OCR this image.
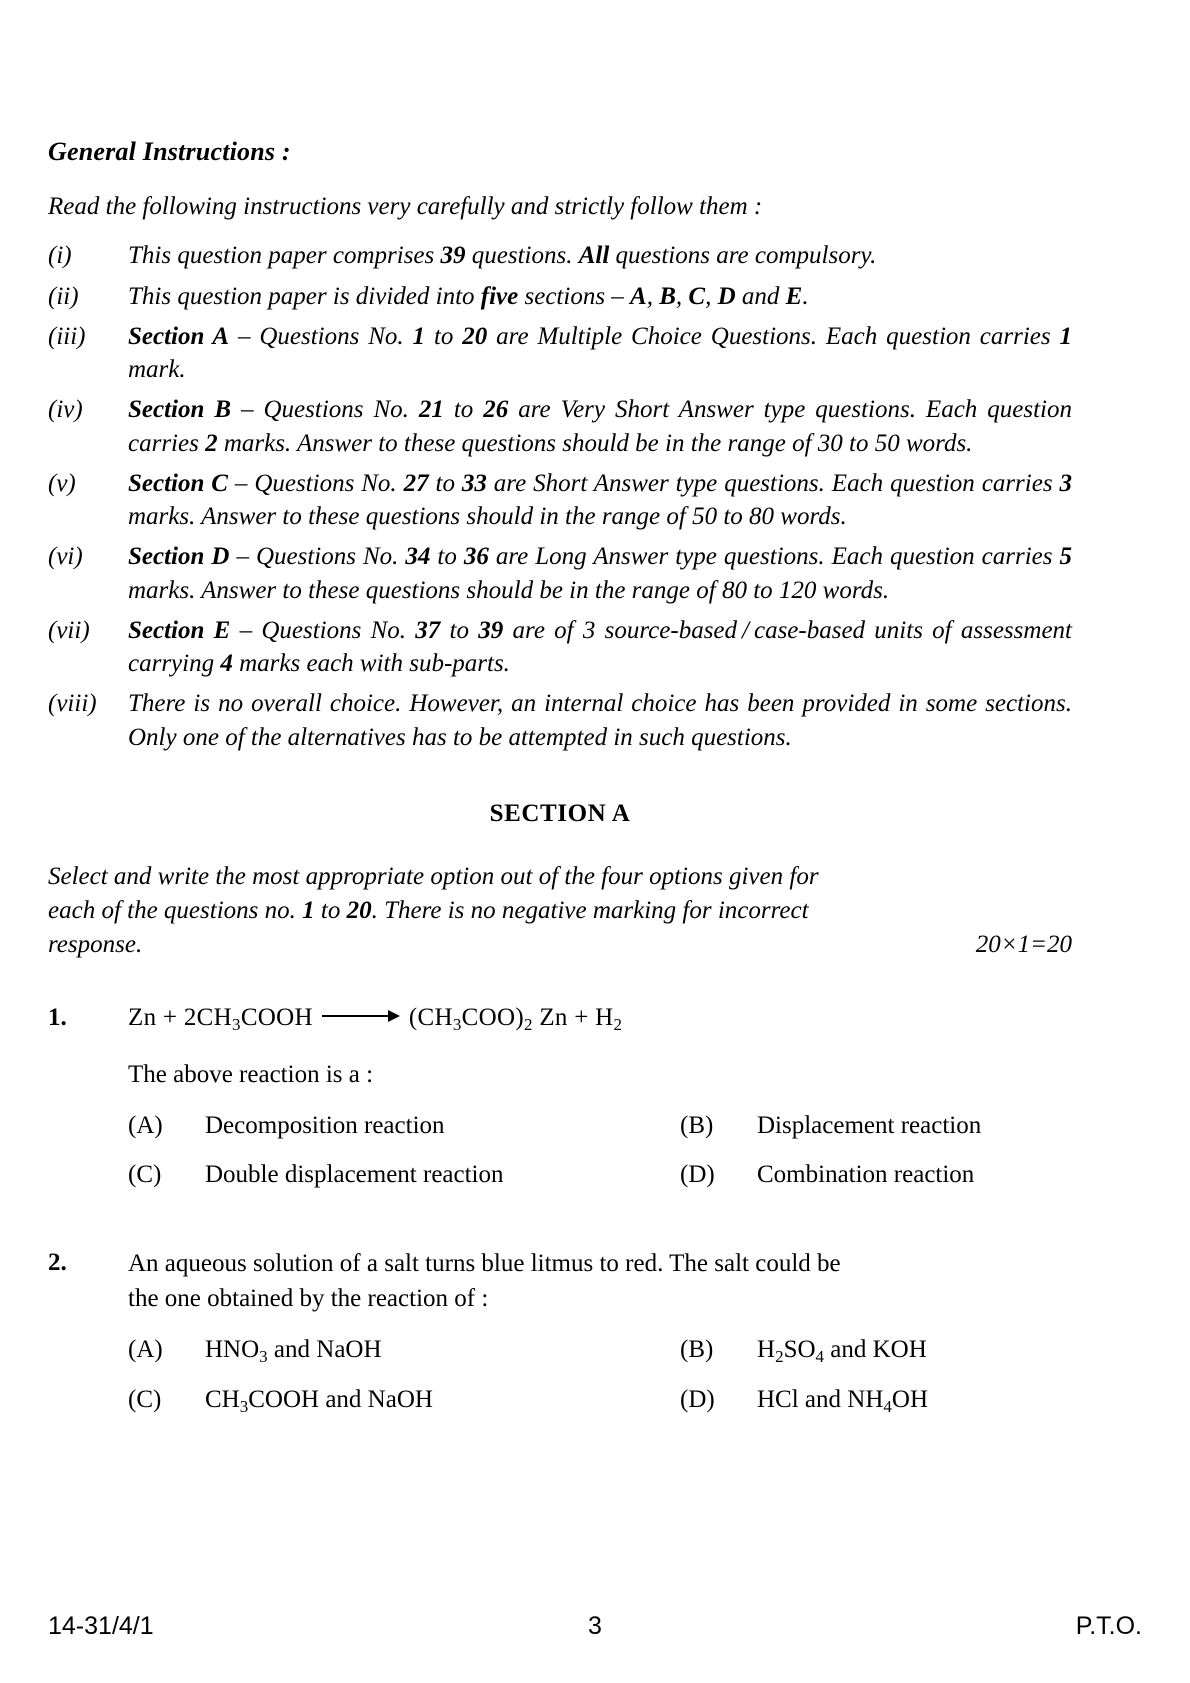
General Instructions :
Read the following instructions very carefully and strictly follow them :
(i)	This question paper comprises 39 questions. All questions are compulsory.
(ii)	This question paper is divided into five sections – A, B, C, D and E.
(iii)	Section A – Questions No. 1 to 20 are Multiple Choice Questions. Each question carries 1 mark.
(iv)	Section B – Questions No. 21 to 26 are Very Short Answer type questions. Each question carries 2 marks. Answer to these questions should be in the range of 30 to 50 words.
(v)	Section C – Questions No. 27 to 33 are Short Answer type questions. Each question carries 3 marks. Answer to these questions should in the range of 50 to 80 words.
(vi)	Section D – Questions No. 34 to 36 are Long Answer type questions. Each question carries 5 marks. Answer to these questions should be in the range of 80 to 120 words.
(vii)	Section E – Questions No. 37 to 39 are of 3 source-based / case-based units of assessment carrying 4 marks each with sub-parts.
(viii)	There is no overall choice. However, an internal choice has been provided in some sections. Only one of the alternatives has to be attempted in such questions.
SECTION A
Select and write the most appropriate option out of the four options given for
each of the questions no. 1 to 20. There is no negative marking for incorrect
response.	20×1=20
1.	$Zn + 2CH_3COOH$	$(CH_3COO)_2$ $Zn + H_2$
The above reaction is a :
(A)	Decomposition reaction	(B)	Displacement reaction
(C)	Double displacement reaction	(D)	Combination reaction
2.	An aqueous solution of a salt turns blue litmus to red. The salt could be
the one obtained by the reaction of :
(A)	$HNO_3$ and NaOH	(B)	$H_2SO_4$ and KOH
(C)	$CH_3COOH$ and NaOH	(D)	HCl and $NH_4OH$
14-31/4/1	3	P.T.O.
